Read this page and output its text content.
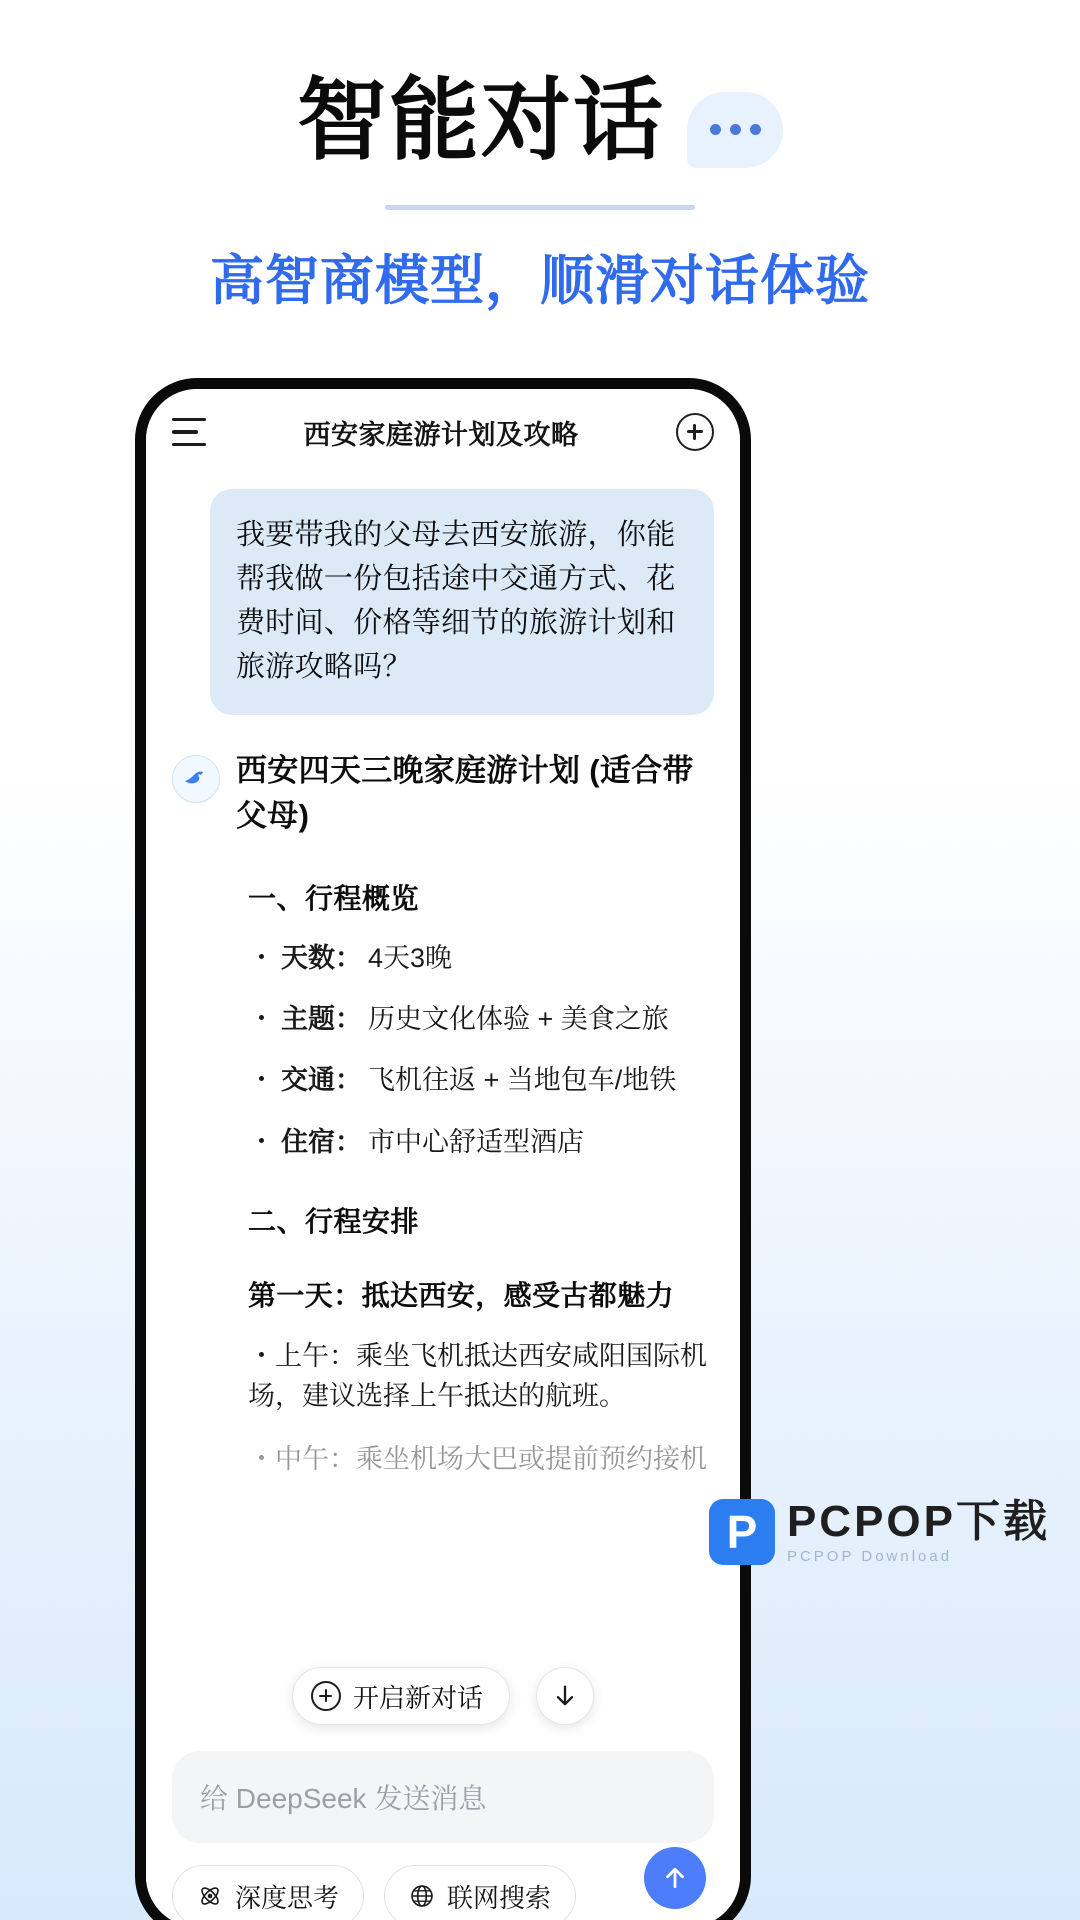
智能对话
高智商模型，顺滑对话体验
西安家庭游计划及攻略
我要带我的父母去西安旅游，你能帮我做一份包括途中交通方式、花费时间、价格等细节的旅游计划和旅游攻略吗？
西安四天三晚家庭游计划 (适合带父母)
一、行程概览
・ 天数： 4天3晚
・ 主题： 历史文化体验 + 美食之旅
・ 交通： 飞机往返 + 当地包车/地铁
・ 住宿： 市中心舒适型酒店
二、行程安排
第一天：抵达西安，感受古都魅力
・上午：乘坐飞机抵达西安咸阳国际机场，建议选择上午抵达的航班。
・中午：乘坐机场大巴或提前预约接机
开启新对话
给 DeepSeek 发送消息
深度思考	联网搜索
P PCPOP下载
PCPOP Download
